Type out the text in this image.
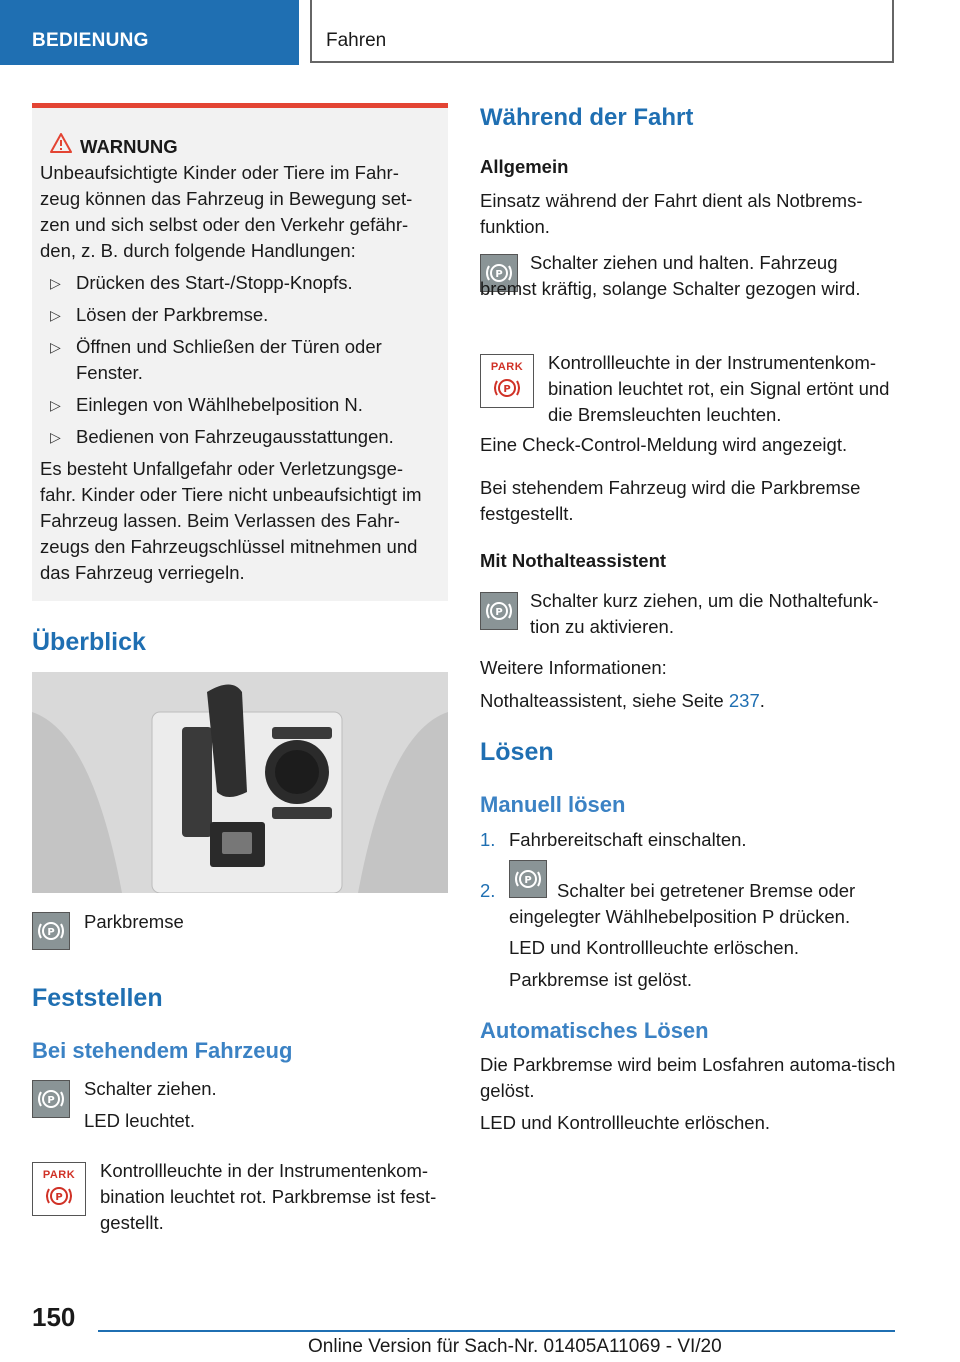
BEDIENUNG	Fahren
WARNUNG

Unbeaufsichtigte Kinder oder Tiere im Fahr-zeug können das Fahrzeug in Bewegung set-zen und sich selbst oder den Verkehr gefähr-den, z. B. durch folgende Handlungen:

▷ Drücken des Start-/Stopp-Knopfs.
▷ Lösen der Parkbremse.
▷ Öffnen und Schließen der Türen oder Fenster.
▷ Einlegen von Wählhebelposition N.
▷ Bedienen von Fahrzeugausstattungen.

Es besteht Unfallgefahr oder Verletzungsge-fahr. Kinder oder Tiere nicht unbeaufsichtigt im Fahrzeug lassen. Beim Verlassen des Fahr-zeugs den Fahrzeugschlüssel mitnehmen und das Fahrzeug verriegeln.

Überblick
P

Parkbremse

Feststellen
Bei stehendem Fahrzeug
P

Schalter ziehen.

LED leuchtet.

PARK
P

Kontrollleuchte in der Instrumentenkom-bination leuchtet rot. Parkbremse ist fest-gestellt.

Während der Fahrt
Allgemein

Einsatz während der Fahrt dient als Notbrems-funktion.

P

Schalter ziehen und halten. Fahrzeug bremst kräftig, solange Schalter gezogen wird.

PARK
P

Kontrollleuchte in der Instrumentenkom-bination leuchtet rot, ein Signal ertönt und die Bremsleuchten leuchten.

Eine Check-Control-Meldung wird angezeigt.

Bei stehendem Fahrzeug wird die Parkbremse festgestellt.

Mit Nothalteassistent
P

Schalter kurz ziehen, um die Nothaltefunk-tion zu aktivieren.

Weitere Informationen:

Nothalteassistent, siehe Seite 237.

Lösen
Manuell lösen
1. Fahrbereitschaft einschalten.

2.	P	Schalter bei getretener Bremse oder eingelegter Wählhebelposition P drücken.

LED und Kontrollleuchte erlöschen.

Parkbremse ist gelöst.

Automatisches Lösen

Die Parkbremse wird beim Losfahren automa-tisch gelöst.

LED und Kontrollleuchte erlöschen.

150
Online Version für Sach-Nr. 01405A11069 - VI/20
